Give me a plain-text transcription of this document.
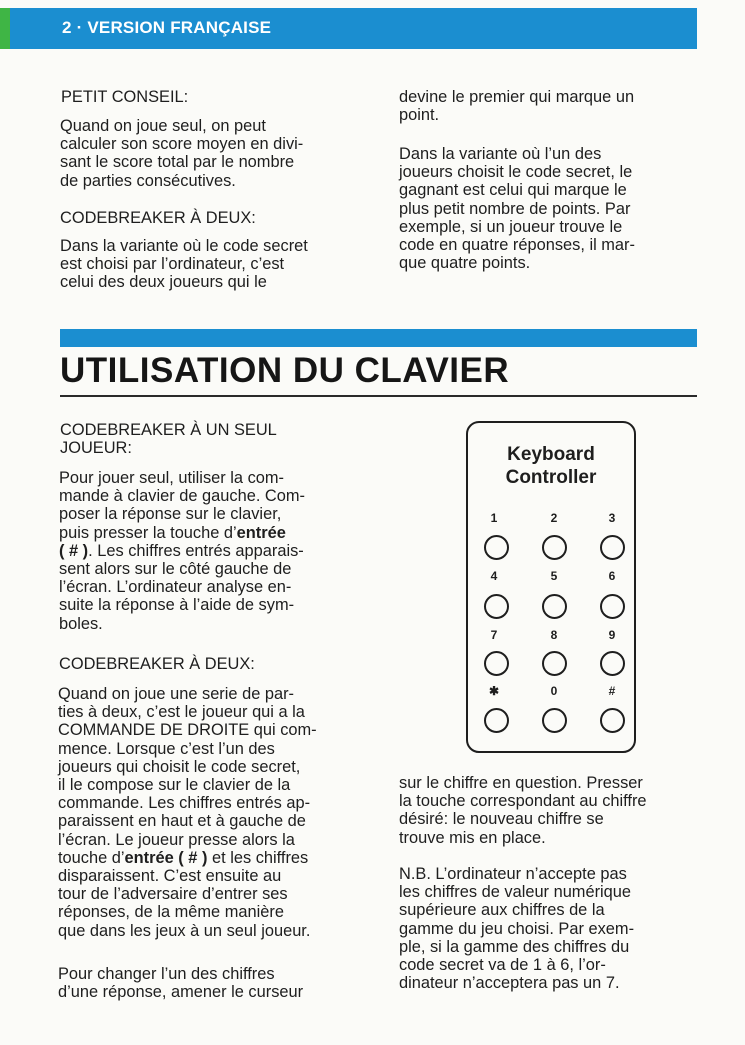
2 · VERSION FRANÇAISE

PETIT CONSEIL:

Quand on joue seul, on peut
calculer son score moyen en divi-
sant le score total par le nombre
de parties consécutives.

CODEBREAKER À DEUX:

Dans la variante où le code secret
est choisi par l’ordinateur, c’est
celui des deux joueurs qui le

devine le premier qui marque un
point.

Dans la variante où l’un des
joueurs choisit le code secret, le
gagnant est celui qui marque le
plus petit nombre de points. Par
exemple, si un joueur trouve le
code en quatre réponses, il mar-
que quatre points.

UTILISATION DU CLAVIER

CODEBREAKER À UN SEUL
JOUEUR:

Pour jouer seul, utiliser la com-
mande à clavier de gauche. Com-
poser la réponse sur le clavier,
puis presser la touche d’entrée
( # ). Les chiffres entrés apparais-
sent alors sur le côté gauche de
l’écran. L’ordinateur analyse en-
suite la réponse à l’aide de sym-
boles.

CODEBREAKER À DEUX:

Quand on joue une serie de par-
ties à deux, c’est le joueur qui a la
COMMANDE DE DROITE qui com-
mence. Lorsque c’est l’un des
joueurs qui choisit le code secret,
il le compose sur le clavier de la
commande. Les chiffres entrés ap-
paraissent en haut et à gauche de
l’écran. Le joueur presse alors la
touche d’entrée ( # ) et les chiffres
disparaissent. C’est ensuite au
tour de l’adversaire d’entrer ses
réponses, de la même manière
que dans les jeux à un seul joueur.

Pour changer l’un des chiffres
d’une réponse, amener le curseur

sur le chiffre en question. Presser
la touche correspondant au chiffre
désiré: le nouveau chiffre se
trouve mis en place.

N.B. L’ordinateur n’accepte pas
les chiffres de valeur numérique
supérieure aux chiffres de la
gamme du jeu choisi. Par exem-
ple, si la gamme des chiffres du
code secret va de 1 à 6, l’or-
dinateur n’acceptera pas un 7.

Keyboard
Controller
1	2	3
4	5	6
7	8	9
✱	0	#
